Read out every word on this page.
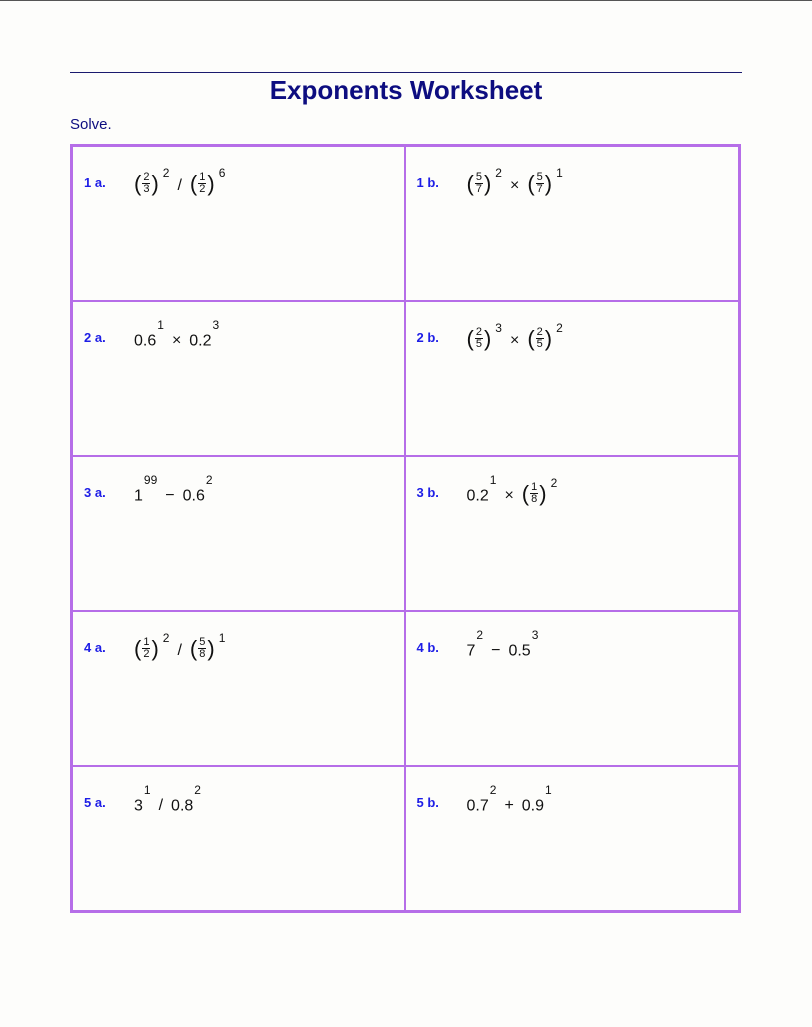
Exponents Worksheet
Solve.
1 a. ( $\frac{2}{3}$ ) 2
/ ( $\frac{1}{2}$ ) 6
1 b. ( $\frac{5}{7}$ ) 2
× ( $\frac{5}{7}$ ) 1
2 a. $0.6^1$
× $0.2^3$
2 b. ( $\frac{2}{5}$ ) 3
× ( $\frac{2}{5}$ ) 2
3 a. $1^{99}$
− $0.6^2$
3 b. $0.2^1$
× ( $\frac{1}{8}$ ) 2
4 a. ( $\frac{1}{2}$ ) 2
/ ( $\frac{5}{8}$ ) 1
4 b. $7^2$
− $0.5^3$
5 a. $3^1$
/ $0.8^2$
5 b. $0.7^2$
+ $0.9^1$
